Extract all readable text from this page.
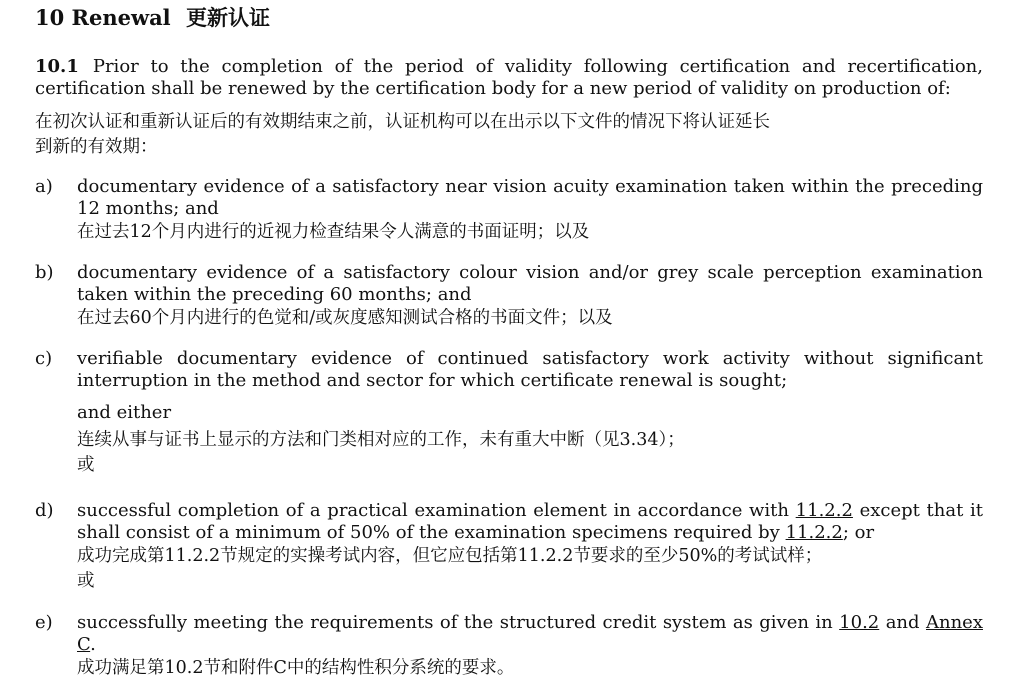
10 Renewal 更新认证
10.1 Prior to the completion of the period of validity following certification and recertification, certification shall be renewed by the certification body for a new period of validity on production of:
在初次认证和重新认证后的有效期结束之前，认证机构可以在出示以下文件的情况下将认证延长
到新的有效期：
a) documentary evidence of a satisfactory near vision acuity examination taken within the preceding 12 months; and
在过去12个月内进行的近视力检查结果令人满意的书面证明；以及
b) documentary evidence of a satisfactory colour vision and/or grey scale perception examination taken within the preceding 60 months; and
在过去60个月内进行的色觉和/或灰度感知测试合格的书面文件；以及
c) verifiable documentary evidence of continued satisfactory work activity without significant interruption in the method and sector for which certificate renewal is sought;
and either
连续从事与证书上显示的方法和门类相对应的工作，未有重大中断（见3.34）；
或
d) successful completion of a practical examination element in accordance with 11.2.2 except that it shall consist of a minimum of 50% of the examination specimens required by 11.2.2; or
成功完成第11.2.2节规定的实操考试内容，但它应包括第11.2.2节要求的至少50%的考试试样；
或
e) successfully meeting the requirements of the structured credit system as given in 10.2 and Annex C.
成功满足第10.2节和附件C中的结构性积分系统的要求。
